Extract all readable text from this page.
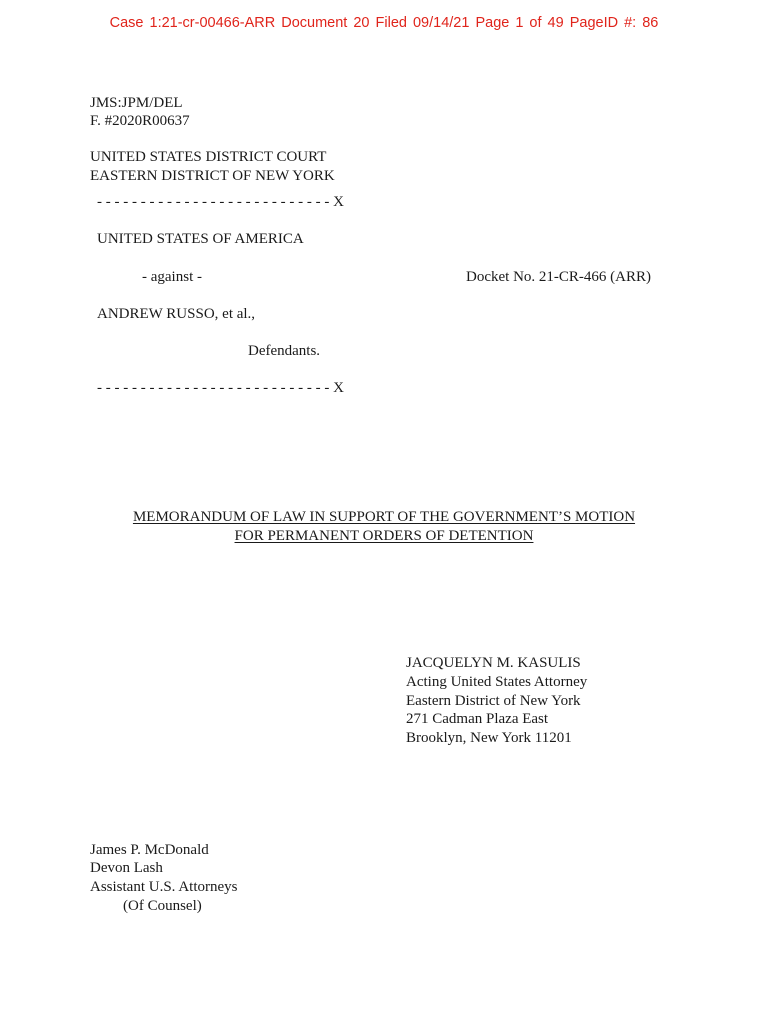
Case 1:21-cr-00466-ARR Document 20 Filed 09/14/21 Page 1 of 49 PageID #: 86
JMS:JPM/DEL
F. #2020R00637
UNITED STATES DISTRICT COURT
EASTERN DISTRICT OF NEW YORK
- - - - - - - - - - - - - - - - - - - - - - - - - - - X
UNITED STATES OF AMERICA
- against -	Docket No. 21-CR-466 (ARR)
ANDREW RUSSO, et al.,
Defendants.
- - - - - - - - - - - - - - - - - - - - - - - - - - - X
MEMORANDUM OF LAW IN SUPPORT OF THE GOVERNMENT’S MOTION
FOR PERMANENT ORDERS OF DETENTION
JACQUELYN M. KASULIS
Acting United States Attorney
Eastern District of New York
271 Cadman Plaza East
Brooklyn, New York 11201
James P. McDonald
Devon Lash
Assistant U.S. Attorneys
(Of Counsel)
